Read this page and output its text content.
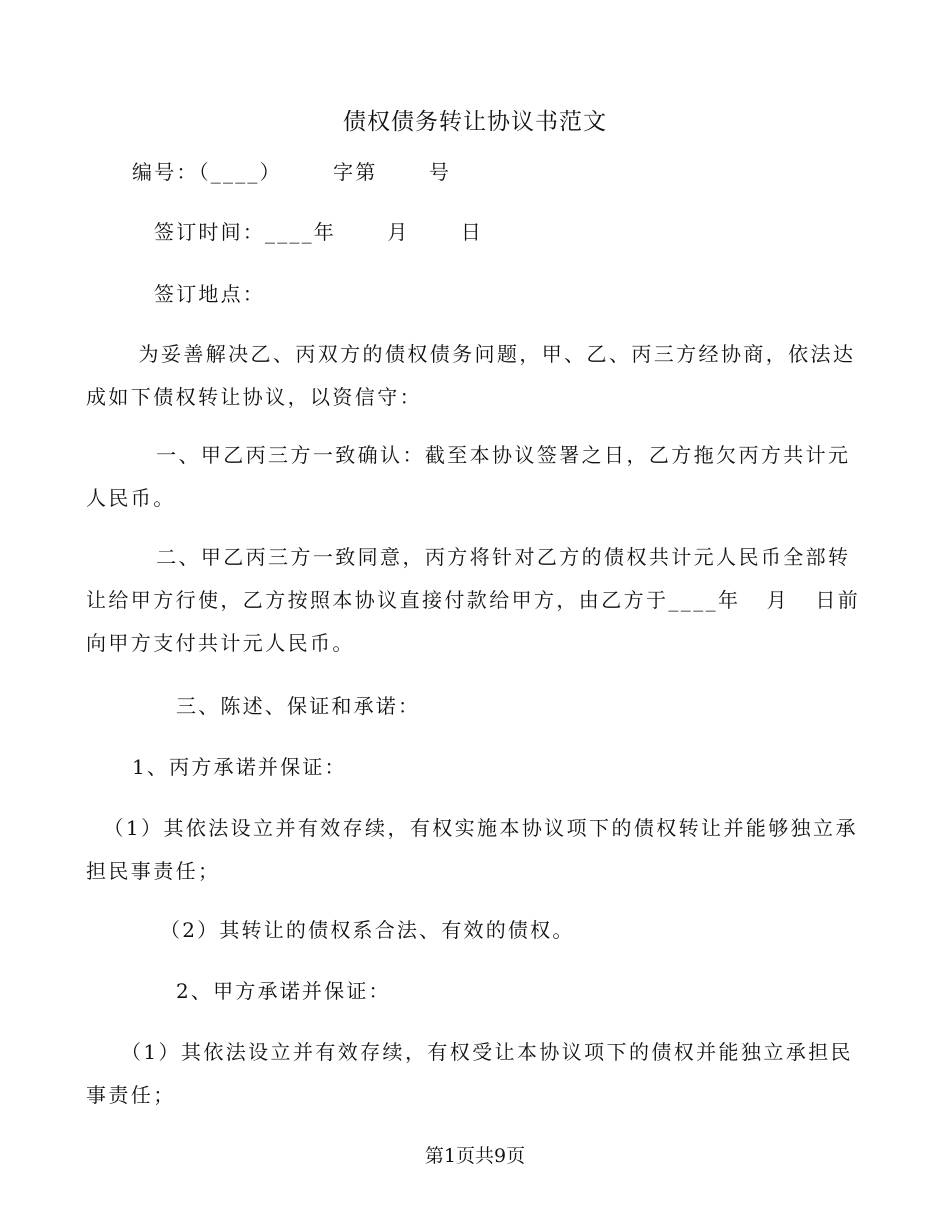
债权债务转让协议书范文
编号：（____）      字第      号
签订时间：____年      月      日
签订地点：
为妥善解决乙、丙双方的债权债务问题，甲、乙、丙三方经协商，依法达成如下债权转让协议，以资信守：
一、甲乙丙三方一致确认：截至本协议签署之日，乙方拖欠丙方共计元人民币。
二、甲乙丙三方一致同意，丙方将针对乙方的债权共计元人民币全部转让给甲方行使，乙方按照本协议直接付款给甲方，由乙方于____年   月   日前向甲方支付共计元人民币。
三、陈述、保证和承诺：
1、丙方承诺并保证：
（1）其依法设立并有效存续，有权实施本协议项下的债权转让并能够独立承担民事责任；
（2）其转让的债权系合法、有效的债权。
2、甲方承诺并保证：
（1）其依法设立并有效存续，有权受让本协议项下的债权并能独立承担民事责任；
第1页共9页
